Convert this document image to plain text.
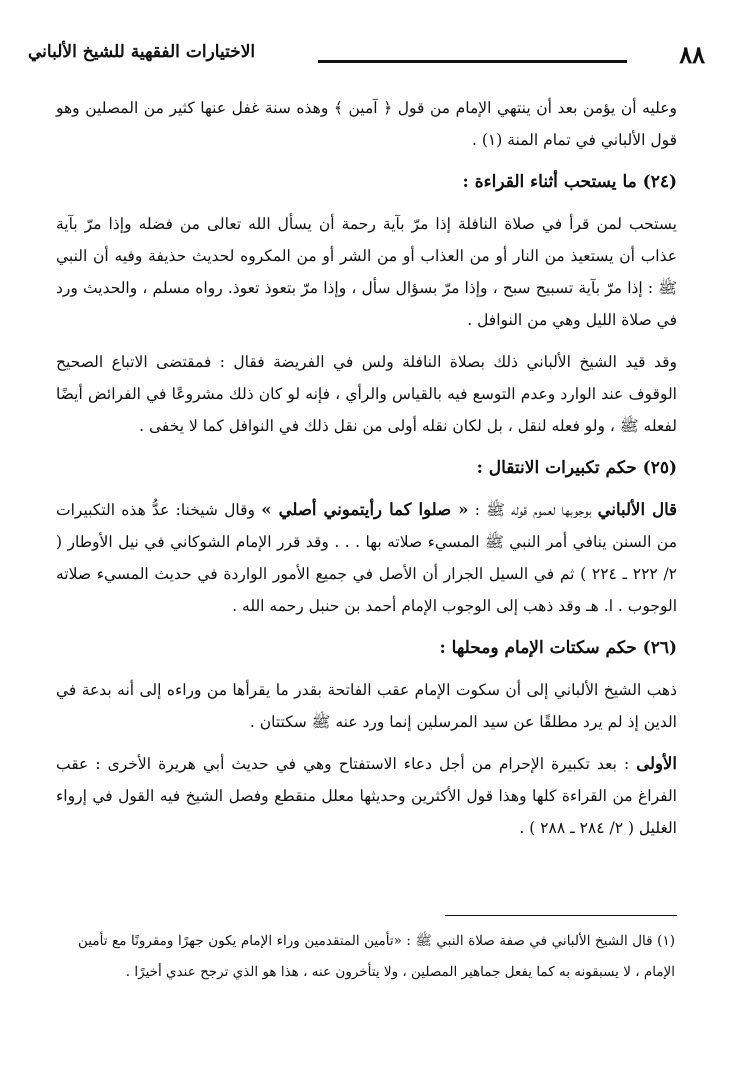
٨٨
الاختيارات الفقهية للشيخ الألباني

وعليه أن يؤمن بعد أن ينتهي الإمام من قول ﴿ آمين ﴾ وهذه سنة غفل عنها كثير من المصلين وهو قول الألباني في تمام المنة (١) .

(٢٤) ما يستحب أثناء القراءة :

يستحب لمن قرأ في صلاة النافلة إذا مرّ بآية رحمة أن يسأل الله تعالى من فضله وإذا مرّ بآية عذاب أن يستعيذ من النار أو من العذاب أو من الشر أو من المكروه لحديث حذيفة وفيه أن النبي ﷺ : إذا مرّ بآية تسبيح سبح ، وإذا مرّ بسؤال سأل ، وإذا مرّ بتعوذ تعوذ. رواه مسلم ، والحديث ورد في صلاة الليل وهي من النوافل .

وقد قيد الشيخ الألباني ذلك بصلاة النافلة ولس في الفريضة فقال : فمقتضى الاتباع الصحيح الوقوف عند الوارد وعدم التوسع فيه بالقياس والرأي ، فإنه لو كان ذلك مشروعًا في الفرائض أيضًا لفعله ﷺ ، ولو فعله لنقل ، بل لكان نقله أولى من نقل ذلك في النوافل كما لا يخفى .

(٢٥) حكم تكبيرات الانتقال :

قال الألباني بوجوبها لعموم قوله ﷺ : « صلوا كما رأيتموني أصلي » وقال شيخنا: عدُّ هذه التكبيرات من السنن ينافي أمر النبي ﷺ المسيء صلاته بها . . . وقد قرر الإمام الشوكاني في نيل الأوطار ( ٢/ ٢٢٢ ـ ٢٢٤ ) ثم في السيل الجرار أن الأصل في جميع الأمور الواردة في حديث المسيء صلاته الوجوب . ا. هـ وقد ذهب إلى الوجوب الإمام أحمد بن حنبل رحمه الله .

(٢٦) حكم سكتات الإمام ومحلها :

ذهب الشيخ الألباني إلى أن سكوت الإمام عقب الفاتحة بقدر ما يقرأها من وراءه إلى أنه بدعة في الدين إذ لم يرد مطلقًا عن سيد المرسلين إنما ورد عنه ﷺ سكتتان .

الأولى : بعد تكبيرة الإحرام من أجل دعاء الاستفتاح وهي في حديث أبي هريرة الأخرى : عقب الفراغ من القراءة كلها وهذا قول الأكثرين وحديثها معلل منقطع وفصل الشيخ فيه القول في إرواء الغليل ( ٢/ ٢٨٤ ـ ٢٨٨ ) .

(١) قال الشيخ الألباني في صفة صلاة النبي ﷺ : «تأمين المتقدمين وراء الإمام يكون جهرًا ومقرونًا مع تأمين الإمام ، لا يسبقونه به كما يفعل جماهير المصلين ، ولا يتأخرون عنه ، هذا هو الذي ترجح عندي أخيرًا .
